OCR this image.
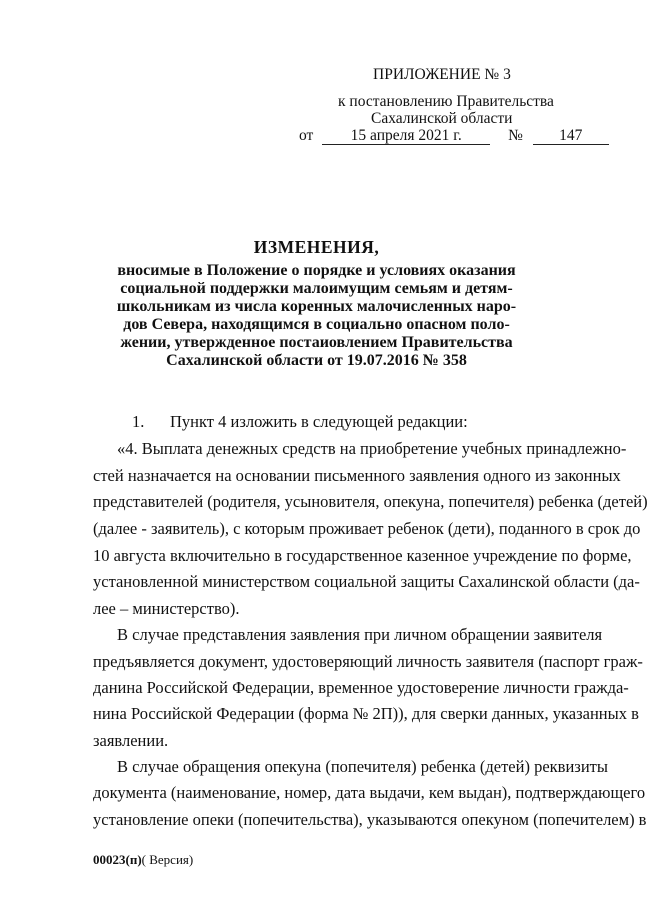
ПРИЛОЖЕНИЕ № 3
к постановлению Правительства
Сахалинской области
от 15 апреля 2021 г.	№ 147
ИЗМЕНЕНИЯ,
вносимые в Положение о порядке и условиях оказания
социальной поддержки малоимущим семьям и детям-
школьникам из числа коренных малочисленных наро-
дов Севера, находящимся в социально опасном поло-
жении, утвержденное постаиовлением Правительства
Сахалинской области от 19.07.2016 № 358
1. Пункт 4 изложить в следующей редакции:
«4. Выплата денежных средств на приобретение учебных принадлежно-
стей назначается на основании письменного заявления одного из законных
представителей (родителя, усыновителя, опекуна, попечителя) ребенка (детей)
(далее - заявитель), с которым проживает ребенок (дети), поданного в срок до
10 августа включительно в государственное казенное учреждение по форме,
установленной министерством социальной защиты Сахалинской области (да-
лее – министерство).
В случае представления заявления при личном обращении заявителя
предъявляется документ, удостоверяющий личность заявителя (паспорт граж-
данина Российской Федерации, временное удостоверение личности гражда-
нина Российской Федерации (форма № 2П)), для сверки данных, указанных в
заявлении.
В случае обращения опекуна (попечителя) ребенка (детей) реквизиты
документа (наименование, номер, дата выдачи, кем выдан), подтверждающего
установление опеки (попечительства), указываются опекуном (попечителем) в
00023(п)( Версия)
